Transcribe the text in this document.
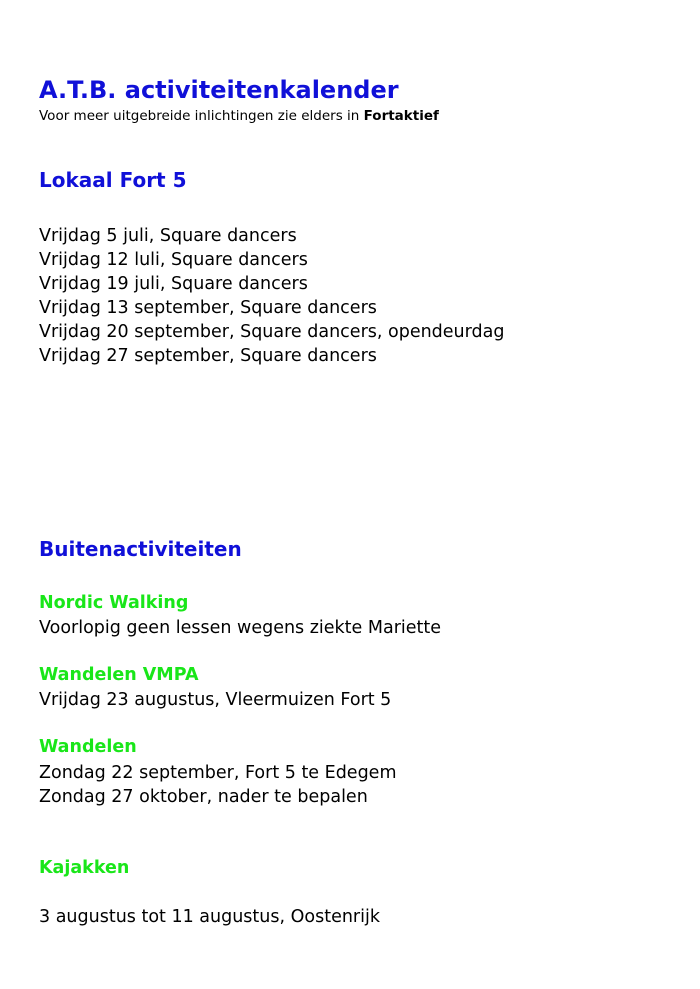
A.T.B. activiteitenkalender

Voor meer uitgebreide inlichtingen zie elders in Fortaktief

Lokaal Fort 5
Vrijdag 5 juli, Square dancers
Vrijdag 12 luli, Square dancers
Vrijdag 19 juli, Square dancers
Vrijdag 13 september, Square dancers
Vrijdag 20 september, Square dancers, opendeurdag
Vrijdag 27 september, Square dancers
Buitenactiviteiten
Nordic Walking
Voorlopig geen lessen wegens ziekte Mariette
Wandelen VMPA
Vrijdag 23 augustus, Vleermuizen Fort 5
Wandelen
Zondag 22 september, Fort 5 te Edegem
Zondag 27 oktober, nader te bepalen
Kajakken
3 augustus tot 11 augustus, Oostenrijk
